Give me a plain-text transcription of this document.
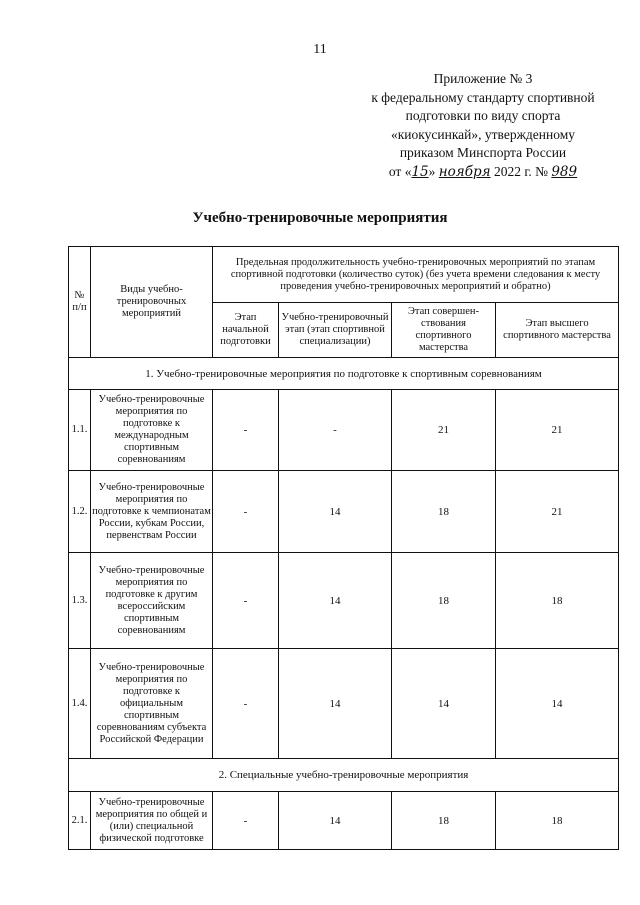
11
Приложение № 3
к федеральному стандарту спортивной
подготовки по виду спорта
«киокусинкай», утвержденному
приказом Минспорта России
от «15» ноября 2022 г. № 989
Учебно-тренировочные мероприятия
№ п/п	Виды учебно-тренировочных мероприятий	Предельная продолжительность учебно-тренировочных мероприятий по этапам спортивной подготовки (количество суток) (без учета времени следования к месту проведения учебно-тренировочных мероприятий и обратно)			
		Этап начальной подготовки	Учебно-тренировочный этап (этап спортивной специализации)	Этап совершен-ствования спортивного мастерства	Этап высшего спортивного мастерства
1. Учебно-тренировочные мероприятия по подготовке к спортивным соревнованиям					
1.1.	Учебно-тренировочные мероприятия по подготовке к международным спортивным соревнованиям	-	-	21	21
1.2.	Учебно-тренировочные мероприятия по подготовке к чемпионатам России, кубкам России, первенствам России	-	14	18	21
1.3.	Учебно-тренировочные мероприятия по подготовке к другим всероссийским спортивным соревнованиям	-	14	18	18
1.4.	Учебно-тренировочные мероприятия по подготовке к официальным спортивным соревнованиям субъекта Российской Федерации	-	14	14	14
2. Специальные учебно-тренировочные мероприятия					
2.1.	Учебно-тренировочные мероприятия по общей и (или) специальной физической подготовке	-	14	18	18
